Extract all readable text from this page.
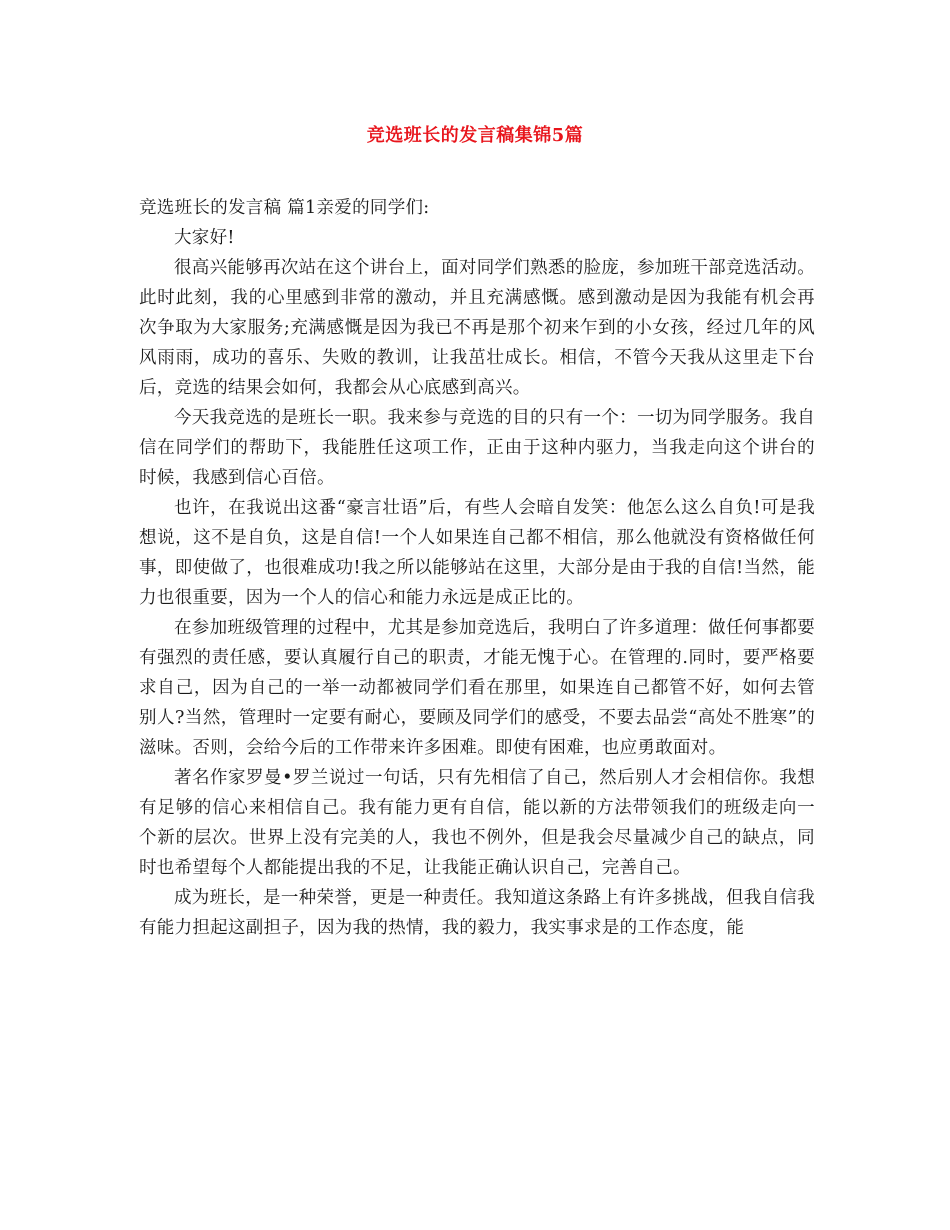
竞选班长的发言稿集锦5篇

竞选班长的发言稿 篇1亲爱的同学们:

大家好!

很高兴能够再次站在这个讲台上，面对同学们熟悉的脸庞，参加班干部竞选活动。此时此刻，我的心里感到非常的激动，并且充满感慨。感到激动是因为我能有机会再次争取为大家服务;充满感慨是因为我已不再是那个初来乍到的小女孩，经过几年的风风雨雨，成功的喜乐、失败的教训，让我茁壮成长。相信，不管今天我从这里走下台后，竞选的结果会如何，我都会从心底感到高兴。

今天我竞选的是班长一职。我来参与竞选的目的只有一个：一切为同学服务。我自信在同学们的帮助下，我能胜任这项工作，正由于这种内驱力，当我走向这个讲台的时候，我感到信心百倍。

也许，在我说出这番“豪言壮语”后，有些人会暗自发笑：他怎么这么自负!可是我想说，这不是自负，这是自信!一个人如果连自己都不相信，那么他就没有资格做任何事，即使做了，也很难成功!我之所以能够站在这里，大部分是由于我的自信!当然，能力也很重要，因为一个人的信心和能力永远是成正比的。

在参加班级管理的过程中，尤其是参加竞选后，我明白了许多道理：做任何事都要有强烈的责任感，要认真履行自己的职责，才能无愧于心。在管理的.同时，要严格要求自己，因为自己的一举一动都被同学们看在那里，如果连自己都管不好，如何去管别人?当然，管理时一定要有耐心，要顾及同学们的感受，不要去品尝“高处不胜寒”的滋味。否则，会给今后的工作带来许多困难。即使有困难，也应勇敢面对。

著名作家罗曼•罗兰说过一句话，只有先相信了自己，然后别人才会相信你。我想有足够的信心来相信自己。我有能力更有自信，能以新的方法带领我们的班级走向一个新的层次。世界上没有完美的人，我也不例外，但是我会尽量减少自己的缺点，同时也希望每个人都能提出我的不足，让我能正确认识自己，完善自己。

成为班长，是一种荣誉，更是一种责任。我知道这条路上有许多挑战，但我自信我有能力担起这副担子，因为我的热情，我的毅力，我实事求是的工作态度，能
